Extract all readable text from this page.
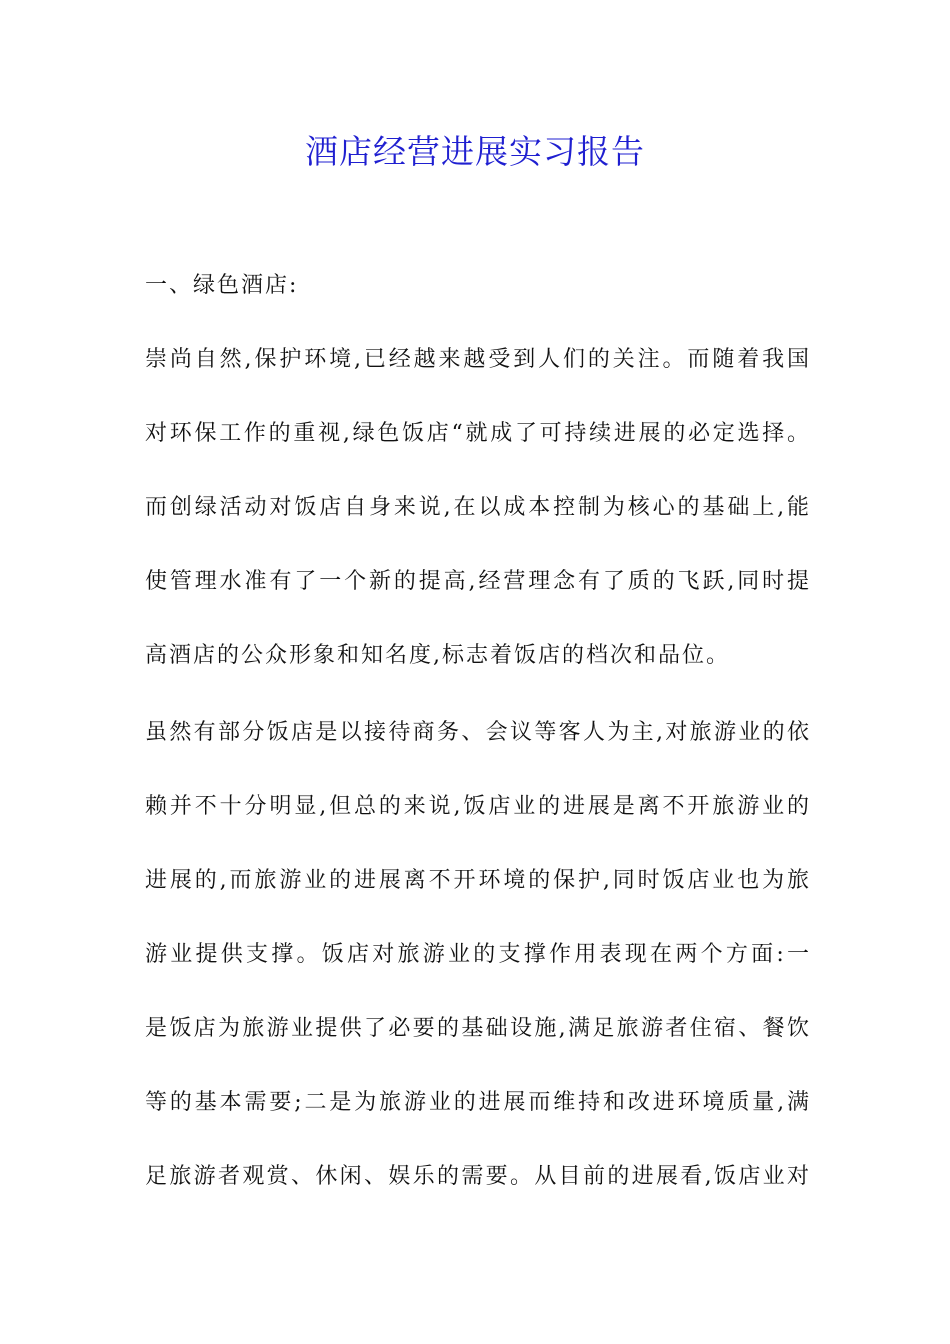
酒店经营进展实习报告
一、绿色酒店:
崇尚自然,保护环境,已经越来越受到人们的关注。而随着我国
对环保工作的重视,绿色饭店“就成了可持续进展的必定选择。
而创绿活动对饭店自身来说,在以成本控制为核心的基础上,能
使管理水准有了一个新的提高,经营理念有了质的飞跃,同时提
高酒店的公众形象和知名度,标志着饭店的档次和品位。
虽然有部分饭店是以接待商务、会议等客人为主,对旅游业的依
赖并不十分明显,但总的来说,饭店业的进展是离不开旅游业的
进展的,而旅游业的进展离不开环境的保护,同时饭店业也为旅
游业提供支撑。饭店对旅游业的支撑作用表现在两个方面:一
是饭店为旅游业提供了必要的基础设施,满足旅游者住宿、餐饮
等的基本需要;二是为旅游业的进展而维持和改进环境质量,满
足旅游者观赏、休闲、娱乐的需要。从目前的进展看,饭店业对
